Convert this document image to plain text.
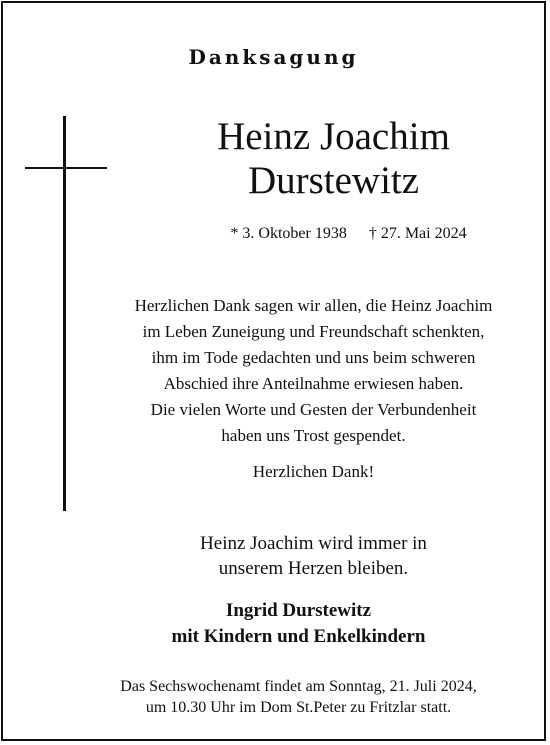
Danksagung
Heinz Joachim
Durstewitz
* 3. Oktober 1938 † 27. Mai 2024
Herzlichen Dank sagen wir allen, die Heinz Joachim
im Leben Zuneigung und Freundschaft schenkten,
ihm im Tode gedachten und uns beim schweren
Abschied ihre Anteilnahme erwiesen haben.
Die vielen Worte und Gesten der Verbundenheit
haben uns Trost gespendet.
Herzlichen Dank!
Heinz Joachim wird immer in
unserem Herzen bleiben.
Ingrid Durstewitz
mit Kindern und Enkelkindern
Das Sechswochenamt findet am Sonntag, 21. Juli 2024,
um 10.30 Uhr im Dom St.Peter zu Fritzlar statt.
